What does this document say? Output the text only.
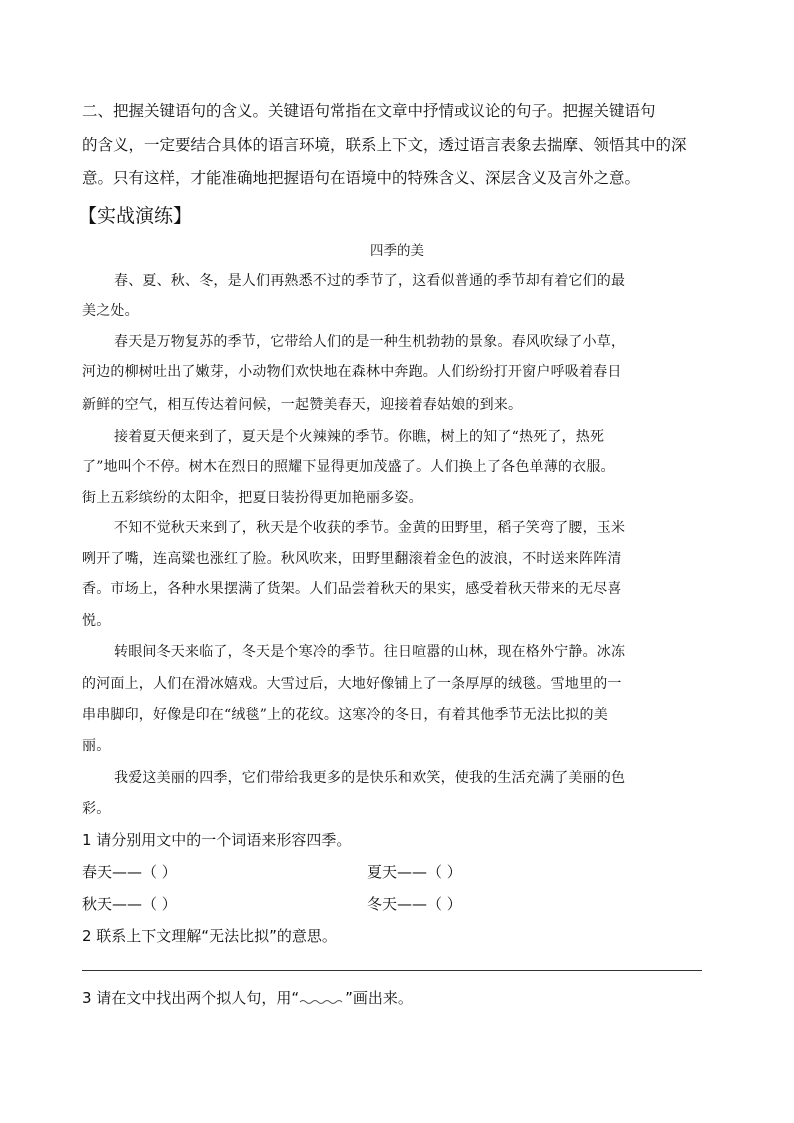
二、把握关键语句的含义。关键语句常指在文章中抒情或议论的句子。把握关键语句
的含义，一定要结合具体的语言环境，联系上下文，透过语言表象去揣摩、领悟其中的深
意。只有这样，才能准确地把握语句在语境中的特殊含义、深层含义及言外之意。
【实战演练】
四季的美
春、夏、秋、冬，是人们再熟悉不过的季节了，这看似普通的季节却有着它们的最
美之处。
春天是万物复苏的季节，它带给人们的是一种生机勃勃的景象。春风吹绿了小草，
河边的柳树吐出了嫩芽，小动物们欢快地在森林中奔跑。人们纷纷打开窗户呼吸着春日
新鲜的空气，相互传达着问候，一起赞美春天，迎接着春姑娘的到来。
接着夏天便来到了，夏天是个火辣辣的季节。你瞧，树上的知了“热死了，热死
了”地叫个不停。树木在烈日的照耀下显得更加茂盛了。人们换上了各色单薄的衣服。
街上五彩缤纷的太阳伞，把夏日装扮得更加艳丽多姿。
不知不觉秋天来到了，秋天是个收获的季节。金黄的田野里，稻子笑弯了腰，玉米
咧开了嘴，连高粱也涨红了脸。秋风吹来，田野里翻滚着金色的波浪，不时送来阵阵清
香。市场上，各种水果摆满了货架。人们品尝着秋天的果实，感受着秋天带来的无尽喜
悦。
转眼间冬天来临了，冬天是个寒冷的季节。往日喧嚣的山林，现在格外宁静。冰冻
的河面上，人们在滑冰嬉戏。大雪过后，大地好像铺上了一条厚厚的绒毯。雪地里的一
串串脚印，好像是印在“绒毯”上的花纹。这寒冷的冬日，有着其他季节无法比拟的美
丽。
我爱这美丽的四季，它们带给我更多的是快乐和欢笑，使我的生活充满了美丽的色
彩。
1 请分别用文中的一个词语来形容四季。
春天——（ ）	夏天——（ ）
秋天——（ ）	冬天——（ ）
2 联系上下文理解“无法比拟”的意思。
3 请在文中找出两个拟人句，用“	”画出来。
